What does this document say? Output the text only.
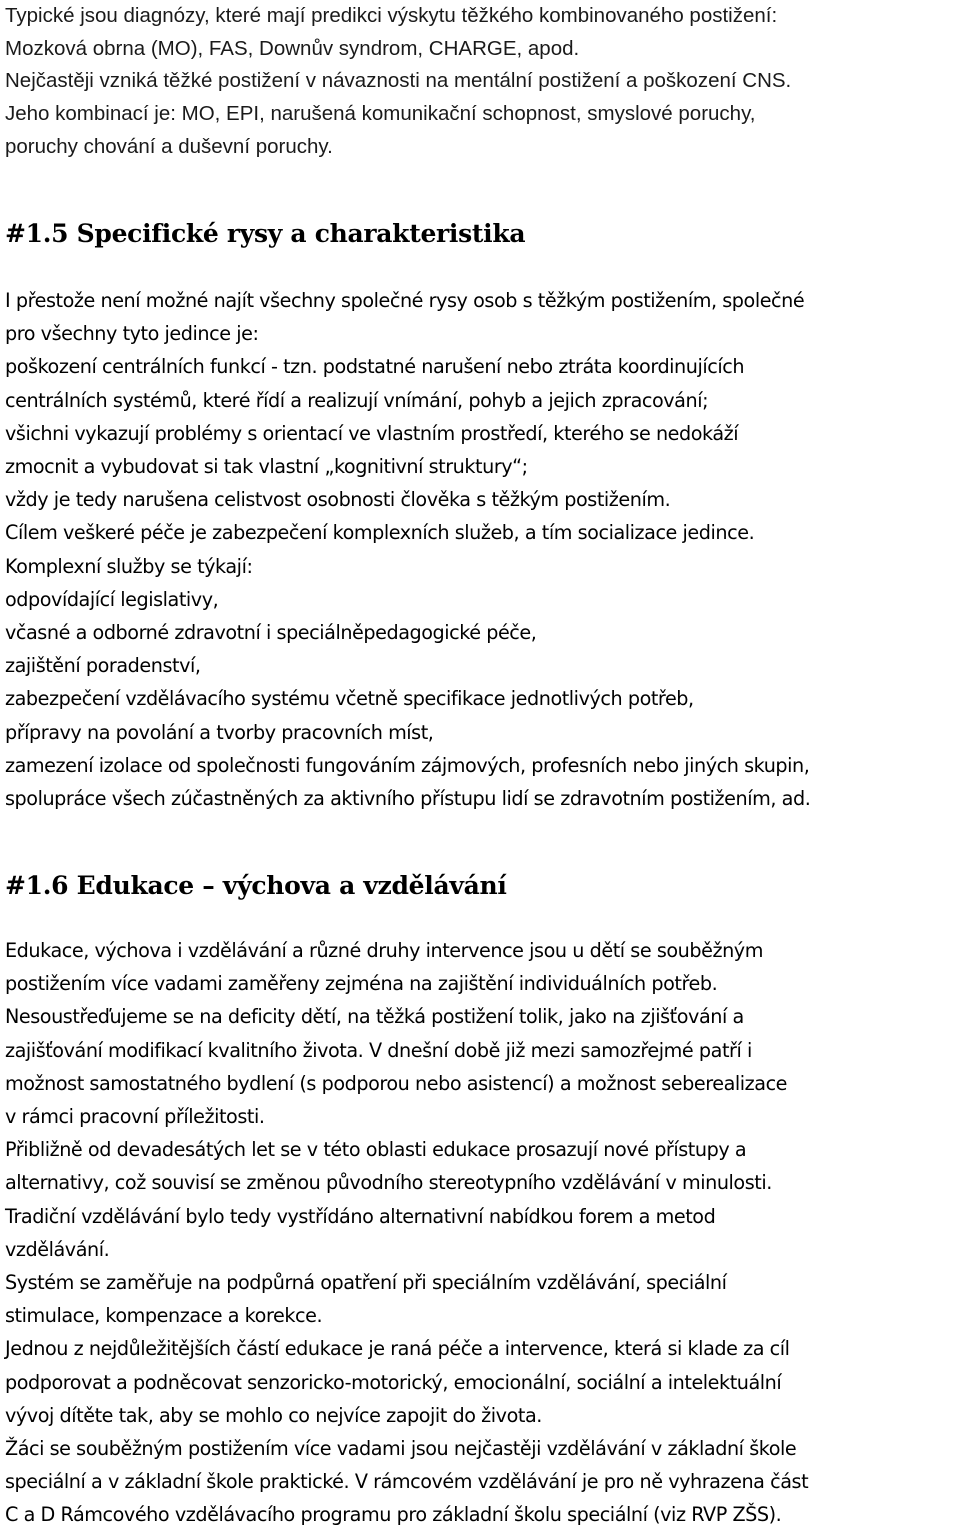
Typické jsou diagnózy, které mají predikci výskytu těžkého kombinovaného postižení:
Mozková obrna (MO), FAS, Downův syndrom, CHARGE, apod.
Nejčastěji vzniká těžké postižení v návaznosti na mentální postižení a poškození CNS.
Jeho kombinací je: MO, EPI, narušená komunikační schopnost, smyslové poruchy,
poruchy chování a duševní poruchy.
#1.5 Specifické rysy a charakteristika
I přestože není možné najít všechny společné rysy osob s těžkým postižením, společné
pro všechny tyto jedince je:
poškození centrálních funkcí - tzn. podstatné narušení nebo ztráta koordinujících
centrálních systémů, které řídí a realizují vnímání, pohyb a jejich zpracování;
všichni vykazují problémy s orientací ve vlastním prostředí, kterého se nedokáží
zmocnit a vybudovat si tak vlastní „kognitivní struktury“;
vždy je tedy narušena celistvost osobnosti člověka s těžkým postižením.
Cílem veškeré péče je zabezpečení komplexních služeb, a tím socializace jedince.
Komplexní služby se týkají:
odpovídající legislativy,
včasné a odborné zdravotní i speciálněpedagogické péče,
zajištění poradenství,
zabezpečení vzdělávacího systému včetně specifikace jednotlivých potřeb,
přípravy na povolání a tvorby pracovních míst,
zamezení izolace od společnosti fungováním zájmových, profesních nebo jiných skupin,
spolupráce všech zúčastněných za aktivního přístupu lidí se zdravotním postižením, ad.
#1.6 Edukace – výchova a vzdělávání
Edukace, výchova i vzdělávání a různé druhy intervence jsou u dětí se souběžným
postižením více vadami zaměřeny zejména na zajištění individuálních potřeb.
Nesoustřeďujeme se na deficity dětí, na těžká postižení tolik, jako na zjišťování a
zajišťování modifikací kvalitního života. V dnešní době již mezi samozřejmé patří i
možnost samostatného bydlení (s podporou nebo asistencí) a možnost seberealizace
v rámci pracovní příležitosti.
Přibližně od devadesátých let se v této oblasti edukace prosazují nové přístupy a
alternativy, což souvisí se změnou původního stereotypního vzdělávání v minulosti.
Tradiční vzdělávání bylo tedy vystřídáno alternativní nabídkou forem a metod
vzdělávání.
Systém se zaměřuje na podpůrná opatření při speciálním vzdělávání, speciální
stimulace, kompenzace a korekce.
Jednou z nejdůležitějších částí edukace je raná péče a intervence, která si klade za cíl
podporovat a podněcovat senzoricko-motorický, emocionální, sociální a intelektuální
vývoj dítěte tak, aby se mohlo co nejvíce zapojit do života.
Žáci se souběžným postižením více vadami jsou nejčastěji vzdělávání v základní škole
speciální a v základní škole praktické. V rámcovém vzdělávání je pro ně vyhrazena část
C a D Rámcového vzdělávacího programu pro základní školu speciální (viz RVP ZŠS).
